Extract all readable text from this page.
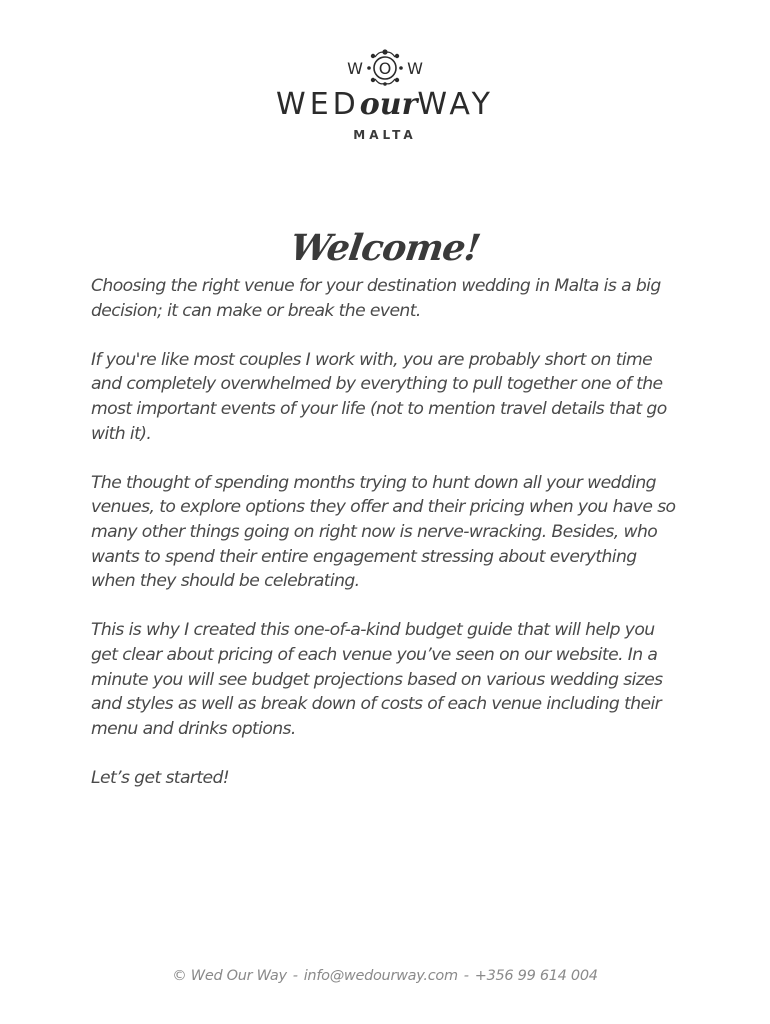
W O W
WEDourWAY
MALTA
Welcome!

Choosing the right venue for your destination wedding in Malta is a big decision; it can make or break the event.

If you're like most couples I work with, you are probably short on time and completely overwhelmed by everything to pull together one of the most important events of your life (not to mention travel details that go with it).

The thought of spending months trying to hunt down all your wedding venues, to explore options they offer and their pricing when you have so many other things going on right now is nerve-wracking. Besides, who wants to spend their entire engagement stressing about everything when they should be celebrating.

This is why I created this one-of-a-kind budget guide that will help you get clear about pricing of each venue you’ve seen on our website. In a minute you will see budget projections based on various wedding sizes and styles as well as break down of costs of each venue including their menu and drinks options.

Let’s get started!

© Wed Our Way - info@wedourway.com - +356 99 614 004
